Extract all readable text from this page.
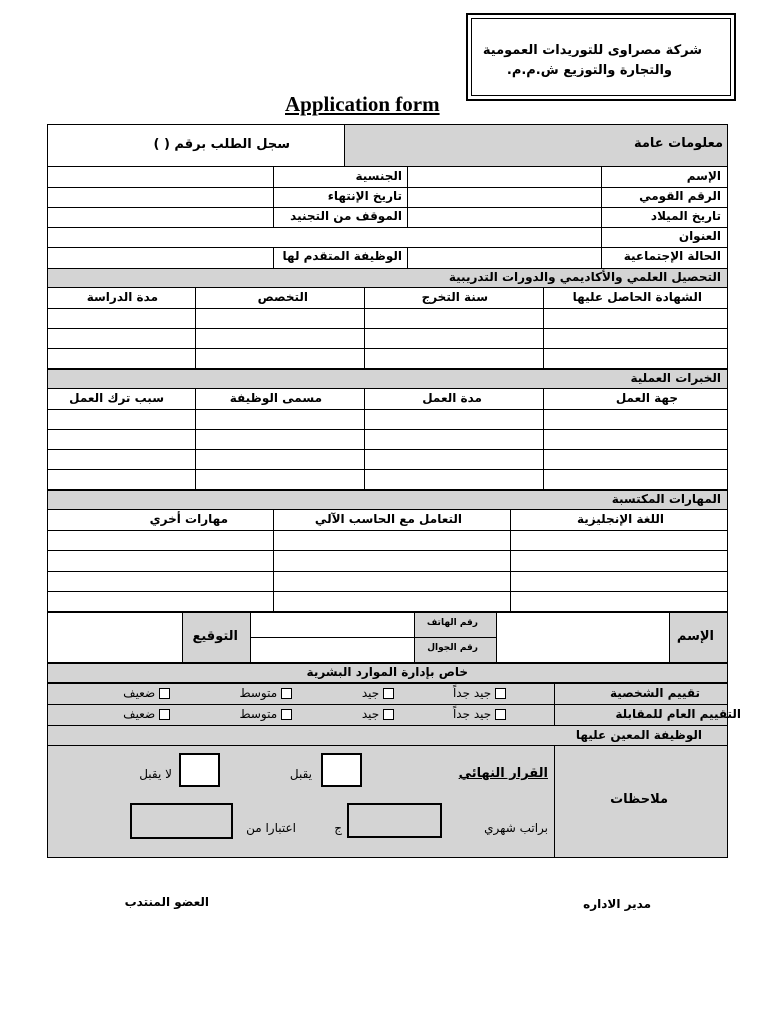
شركة مصراوى للتوريدات العمومية
والتجارة والتوزيع ش.م.م.
Application form
معلومات عامة
سجل الطلب برقم ( )
الإسم
الجنسية
الرقم القومي
تاريخ الإنتهاء
تاريخ الميلاد
الموقف من التجنيد
العنوان
الحالة الإجتماعية
الوظيفة المتقدم لها
التحصيل العلمي والأكاديمي والدورات التدريبية
الشهادة الحاصل عليها
سنة التخرج
التخصص
مدة الدراسة
الخبرات العملية
جهة العمل
مدة العمل
مسمى الوظيفة
سبب ترك العمل
المهارات المكتسبة
اللغة الإنجليزية
التعامل مع الحاسب الآلي
مهارات أخري
الإسم
رقم الهاتف
رقم الجوال
التوقيع
خاص بإدارة الموارد البشرية
تقييم الشخصية
التقييم العام للمقابلة
الوظيفة المعين عليها
جيد جداً
جيد
متوسط
ضعيف
جيد جداً
جيد
متوسط
ضعيف
ملاحظات
القرار النهائي
يقبل
لا يقبل
براتب شهري
ج
اعتبارا من
مدير الاداره
العضو المنتدب
